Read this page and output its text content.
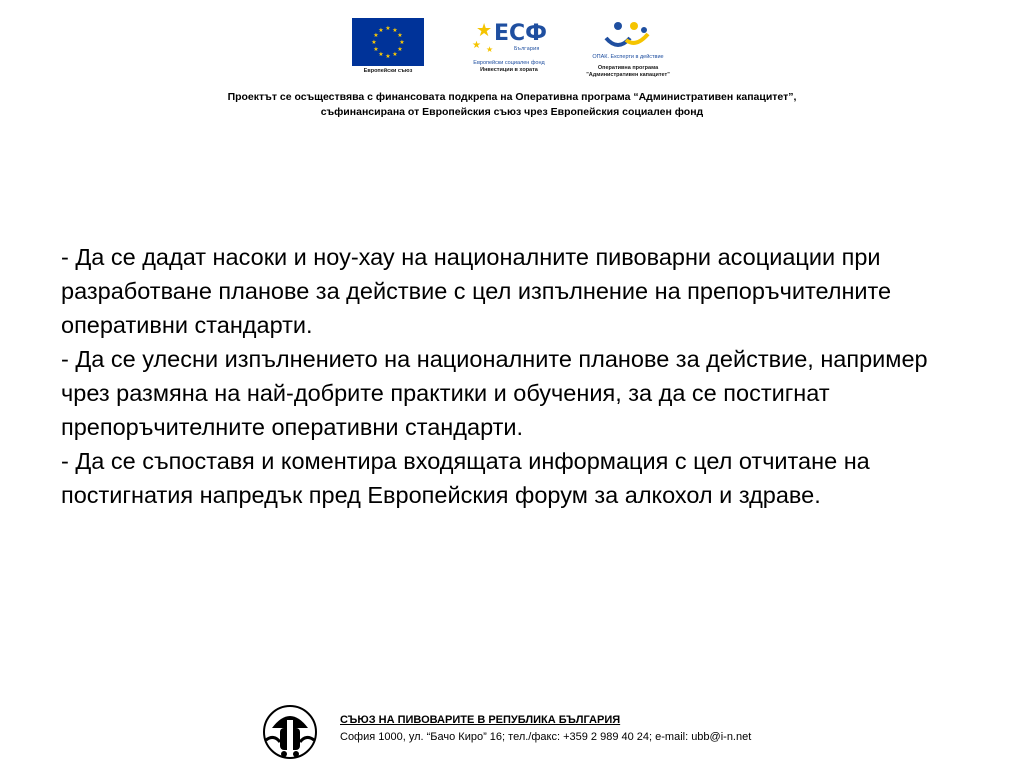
★ ★
★
★
★
★
★
★
★
★
★
★
Европейски съюз
★
★ ★
ЕСФ
България
Европейски социален фонд
Инвестиции в хората
ОПАК. Експерти в действие
Оперативна програма
"Административен капацитет"
Проектът се осъществява с финансовата подкрепа на Оперативна програма “Административен капацитет”,
съфинансирана от Европейския съюз чрез Европейския социален фонд

- Да се дадат насоки и ноу-хау на националните пивоварни асоциации при разработване планове за действие с цел изпълнение на препоръчителните оперативни стандарти.

- Да се улесни изпълнението на националните планове за действие, например чрез размяна на най-добрите практики и обучения, за да се постигнат препоръчителните оперативни стандарти.

- Да се съпоставя и коментира входящата информация с цел отчитане на постигнатия напредък пред Европейския форум за алкохол и здраве.

СЪЮЗ НА ПИВОВАРИТЕ В РЕПУБЛИКА БЪЛГАРИЯ
София 1000, ул. “Бачо Киро” 16; тел./факс: +359 2 989 40 24; e-mail: ubb@i-n.net
